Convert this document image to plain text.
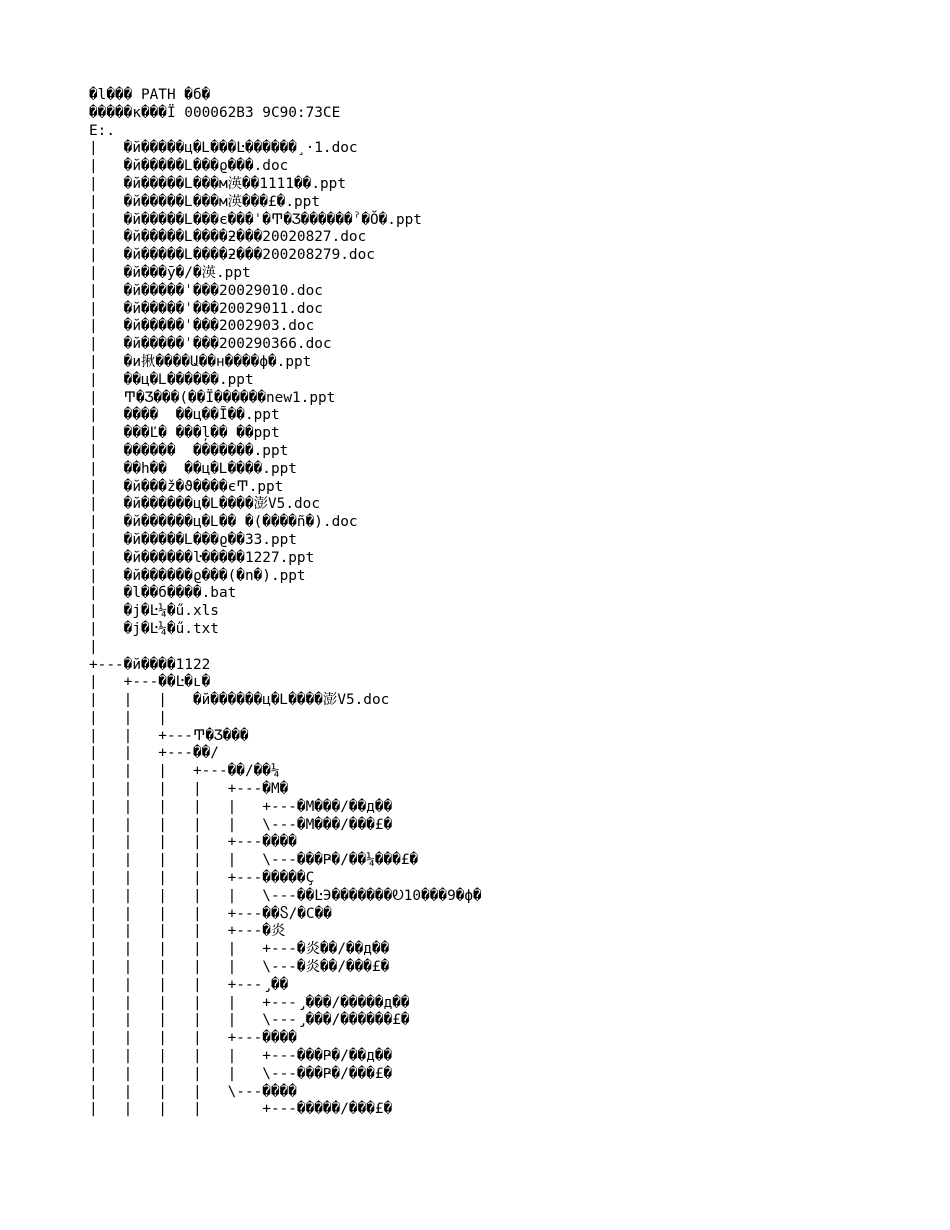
�l��� PATH �б�
�����к���Ϊ 000062B3 9C90:73CE
E:.
|   �й�����ц�Լ���Ŀ������¸·1.doc
|   �й�����Լ���ϱ���.doc
|   �й�����Լ���м渶��1111��.ppt
|   �й�����Լ���м渶���£�.ppt
|   �й�����Լ���є���ˈ�Ͳ�Ʒ������ˀ�Ŏ�.ppt
|   �й�����Լ����ƻ���20020827.doc
|   �й�����Լ����ƻ���200208279.doc
|   �й���ȳ�/�渶.ppt
|   �й�����ˈ���20029010.doc
|   �й�����ˈ���20029011.doc
|   �й�����ˈ���2002903.doc
|   �й�����ˈ���200290366.doc
|   �и揪����Ա��н����ф�.ppt
|   ��ц�Լ������.ppt
|   Ͳ�Ʒ���(��Ϊ������new1.ppt
|   ����  ��ц��Ĩ��.ppt
|   ���Ľ� ���ļ�� ��ppt
|   ������  �������.ppt
|   ��h��  ��ц�Լ����.ppt
|   �й���ž�ϑ����єͲ.ppt
|   �й������ц�Լ����澎V5.doc
|   �й������ц�Լ�� �(����ñ�).doc
|   �й�����Լ���ϱ��33.ppt
|   �й������ŀ�����1227.ppt
|   �й������ϱ���(�n�).ppt
|   �l��б����.bat
|   �j�Ŀ¼�ű.xls
|   �j�Ŀ¼�ű.txt
|
+---�й����1122
|   +---��Ŀ�ւ�
|   |   |   �й������ц�Լ����澎V5.doc
|   |   |
|   |   +---Ͳ�Ʒ���
|   |   +---��/
|   |   |   +---��/��¼
|   |   |   |   +---�М�
|   |   |   |   |   +---�М���/��д��
|   |   |   |   |   \---�М���/���£�
|   |   |   |   +---����
|   |   |   |   |   \---���Ҏ�/��¼���£�
|   |   |   |   +---�����Ç
|   |   |   |   |   \---��ĿЭ�������Ꭷ10���9�ф�
|   |   |   |   +---��Ⴝ/�С��
|   |   |   |   +---�炎
|   |   |   |   |   +---�炎��/��д��
|   |   |   |   |   \---�炎��/���£�
|   |   |   |   +---̡��
|   |   |   |   |   +---̡���/�����д��
|   |   |   |   |   \---̡���/������£�
|   |   |   |   +---����
|   |   |   |   |   +---���Ҏ�/��д��
|   |   |   |   |   \---���Ҏ�/���£�
|   |   |   |   \---����
|   |   |   |       +---�����/���£�
